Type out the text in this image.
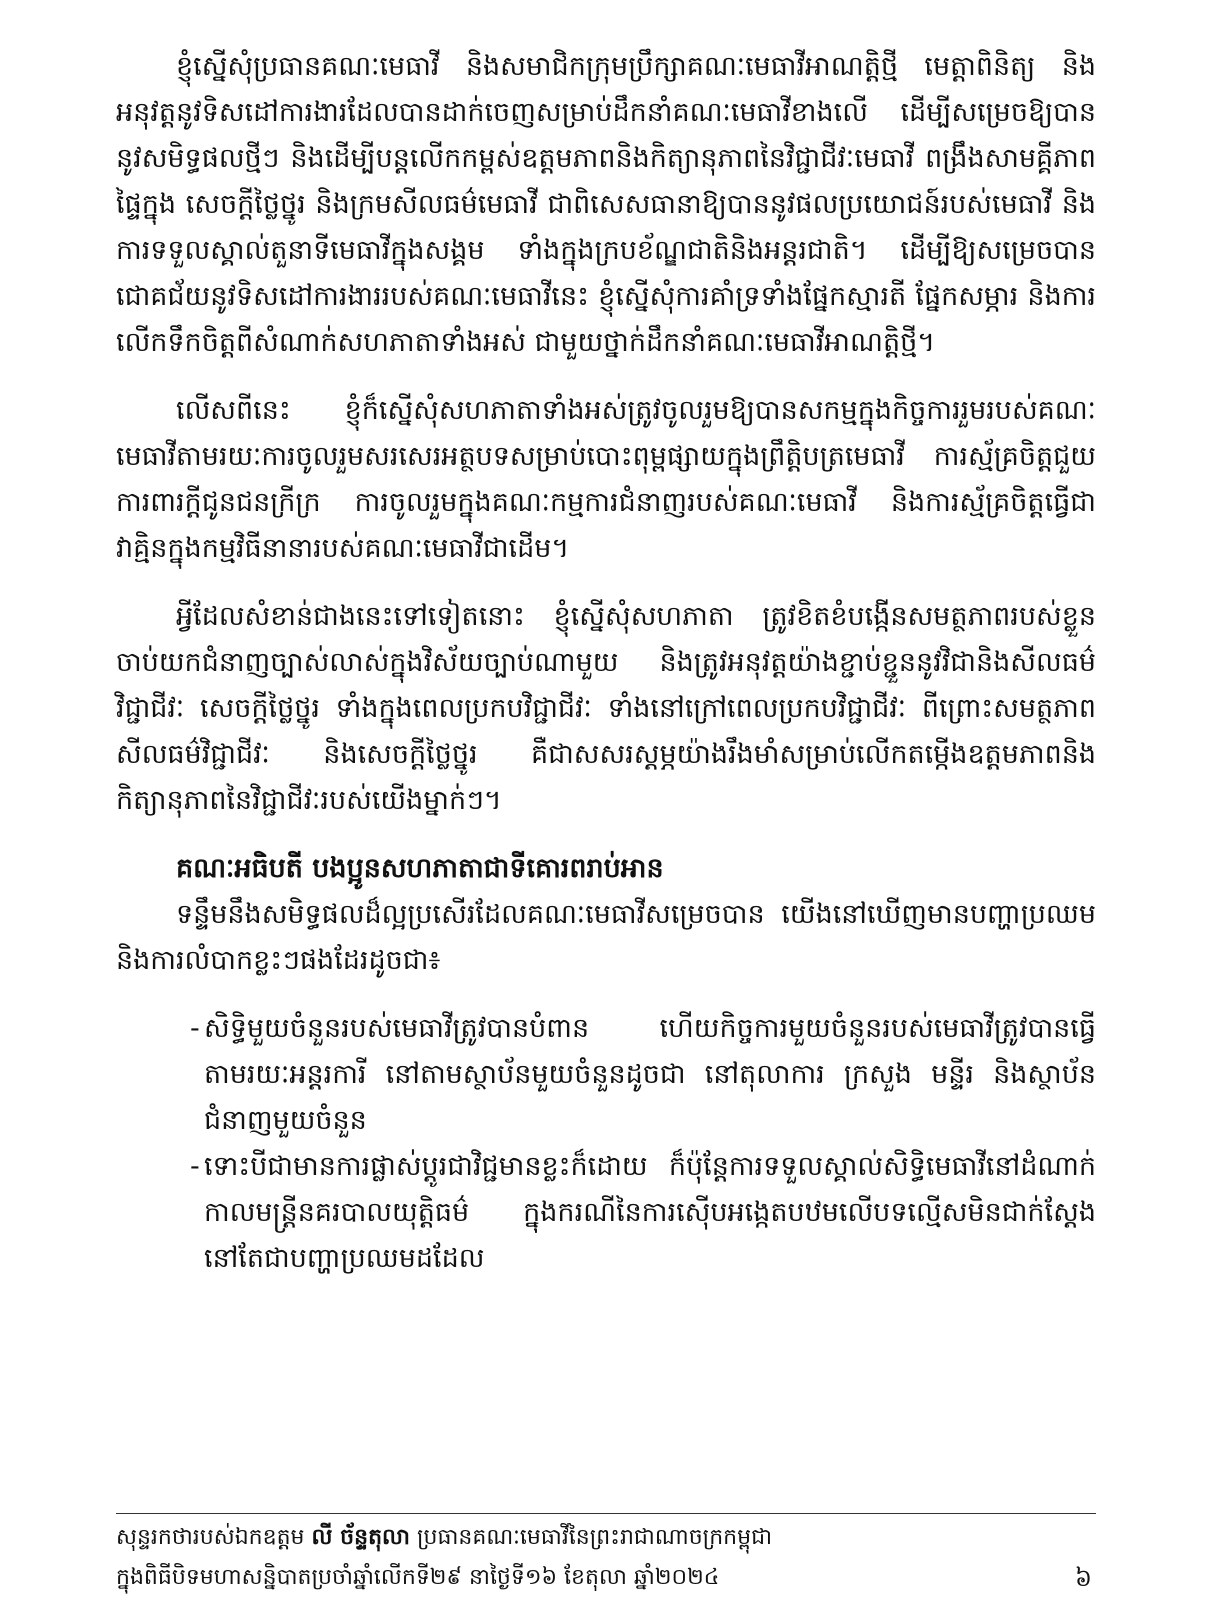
ខ្ញុំស្នើសុំប្រធានគណៈមេធាវី និងសមាជិកក្រុមប្រឹក្សាគណៈមេធាវីអាណត្តិថ្មី មេត្តាពិនិត្យ និងអនុវត្តនូវទិសដៅការងារដែលបានដាក់ចេញសម្រាប់ដឹកនាំគណៈមេធាវីខាងលើ ដើម្បីសម្រេចឱ្យបាននូវសមិទ្ធផលថ្មីៗ និងដើម្បីបន្តលើកកម្ពស់ឧត្តមភាពនិងកិត្យានុភាពនៃវិជ្ជាជីវៈមេធាវី ពង្រឹងសាមគ្គីភាពផ្ទៃក្នុង សេចក្តីថ្លៃថ្នូរ និងក្រមសីលធម៌មេធាវី ជាពិសេសធានាឱ្យបាននូវផលប្រយោជន៍របស់មេធាវី និងការទទួលស្គាល់តួនាទីមេធាវីក្នុងសង្គម ទាំងក្នុងក្របខ័ណ្ឌជាតិនិងអន្តរជាតិ។ ដើម្បីឱ្យសម្រេចបានជោគជ័យនូវទិសដៅការងាររបស់គណៈមេធាវីនេះ ខ្ញុំស្នើសុំការគាំទ្រទាំងផ្នែកស្មារតី ផ្នែកសម្ភារ និងការលើកទឹកចិត្តពីសំណាក់សហភាតាទាំងអស់ ជាមួយថ្នាក់ដឹកនាំគណៈមេធាវីអាណត្តិថ្មី។

លើសពីនេះ ខ្ញុំក៏ស្នើសុំសហភាតាទាំងអស់ត្រូវចូលរួមឱ្យបានសកម្មក្នុងកិច្ចការរួមរបស់គណៈមេធាវីតាមរយៈការចូលរួមសរសេរអត្ថបទសម្រាប់បោះពុម្ពផ្សាយក្នុងព្រឹត្តិបត្រមេធាវី ការស្ម័គ្រចិត្តជួយការពារក្តីជូនជនក្រីក្រ ការចូលរួមក្នុងគណៈកម្មការជំនាញរបស់គណៈមេធាវី និងការស្ម័គ្រចិត្តធ្វើជាវាគ្មិនក្នុងកម្មវិធីនានារបស់គណៈមេធាវីជាដើម។

អ្វីដែលសំខាន់ជាងនេះទៅទៀតនោះ ខ្ញុំស្នើសុំសហភាតា ត្រូវខិតខំបង្កើនសមត្ថភាពរបស់ខ្លួន ចាប់យកជំនាញច្បាស់លាស់ក្នុងវិស័យច្បាប់ណាមួយ និងត្រូវអនុវត្តយ៉ាងខ្ជាប់ខ្ជួននូវវិជានិងសីលធម៌វិជ្ជាជីវៈ សេចក្តីថ្លៃថ្នូរ ទាំងក្នុងពេលប្រកបវិជ្ជាជីវៈ ទាំងនៅក្រៅពេលប្រកបវិជ្ជាជីវៈ ពីព្រោះសមត្ថភាព សីលធម៌វិជ្ជាជីវៈ និងសេចក្តីថ្លៃថ្នូរ គឺជាសសរស្តម្ភយ៉ាងរឹងមាំសម្រាប់លើកតម្កើងឧត្តមភាពនិងកិត្យានុភាពនៃវិជ្ជាជីវៈរបស់យើងម្នាក់ៗ។

គណៈអធិបតី បងប្អូនសហភាតាជាទីគោរពរាប់អាន

ទន្ទឹមនឹងសមិទ្ធផលដ៏ល្អប្រសើរដែលគណៈមេធាវីសម្រេចបាន យើងនៅឃើញមានបញ្ហាប្រឈម និងការលំបាកខ្លះៗផងដែរដូចជា៖

- សិទ្ធិមួយចំនួនរបស់មេធាវីត្រូវបានបំពាន ហើយកិច្ចការមួយចំនួនរបស់មេធាវីត្រូវបានធ្វើតាមរយៈអន្តរការី នៅតាមស្ថាប័នមួយចំនួនដូចជា នៅតុលាការ ក្រសួង មន្ទីរ និងស្ថាប័នជំនាញមួយចំនួន
- ទោះបីជាមានការផ្លាស់ប្តូរជាវិជ្ជមានខ្លះក៏ដោយ ក៏ប៉ុន្តែការទទួលស្គាល់សិទ្ធិមេធាវីនៅដំណាក់កាលមន្ត្រីនគរបាលយុត្តិធម៌ ក្នុងករណីនៃការស៊ើបអង្កេតបឋមលើបទល្មើសមិនជាក់ស្តែង នៅតែជាបញ្ហាប្រឈមដដែល
សុន្ទរកថារបស់ឯកឧត្តម លី ច័ន្ទតុលា ប្រធានគណៈមេធាវីនៃព្រះរាជាណាចក្រកម្ពុជា
ក្នុងពិធីបិទមហាសន្និបាតប្រចាំឆ្នាំលើកទី២៩ នាថ្ងៃទី១៦ ខែតុលា ឆ្នាំ២០២៤	៦
